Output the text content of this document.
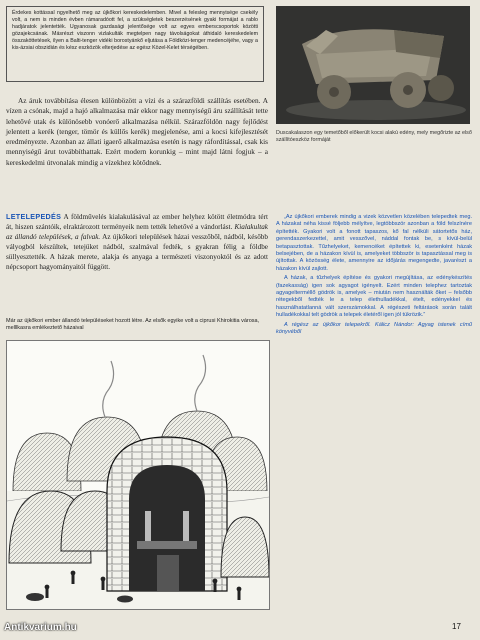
Érdekes kottással ngyelhető meg az újkőkori kereskedelemben. Mivel a felesleg mennyisége csekély volt, a nem is minden évben rámaradóott fel, a szükségletek beszerzésének gyaki formájat a rablo hadjáratok jelentették. Ugyanosak gazdasági jelentősége volt az egyes emberscsoportok közötti gözajekcsának. Másrészt viszonn vizlakulták megtelpen nagy távolságokat áthidaló kereskedelem összaköttetések, ilyen a Balti-tenger vidéki borostyánkő eljutása a Földközi-tenger medencéjéhe, vagy a kis-ázsiai obszidián és kész eszközök elterjedése az egész Közel-Kelet térségében.
Duscakalaszon egy temetőből előkerült kocsi alakú edény, mely megőrizte az első szállítóeszköz formáját

Az áruk továbbítása élesen különbözött a vízi és a szárazföldi szállítás esetében. A vízen a csónak, majd a hajó alkalmazása már ekkor nagy mennyiségű áru szállítását tette lehetővé utak és különösebb vonóerő alkalmazása nélkül. Szárazföldön nagy fejlődést jelentett a kerék (tenger, tömör és küllős kerék) megjelenése, ami a kocsi kifejlesztését eredményezte. Azonban az állati igaerő alkalmazása esetén is nagy ráfordítással, csak kis mennyiségű árut továbbíthattak. Ezért modern korunkig – mint majd látni fogjuk – a kereskedelmi útvonalak mindig a vízekhez kötődnek.

LETELEPEDÉS A földművelés kialakulásával az ember helyhez kötött életmódra tért át, hiszen szántóik, elraktározott terményeik nem tették lehetővé a vándorlást. Kialakultak az állandó települések, a falvak. Az újkőkori települések házai vesszőből, nádból, később vályogból készültek, tetejüket nádból, szalmával fedték, s gyakran félig a földbe süllyesztették. A házak merete, alakja és anyaga a természeti viszonyoktól és az adott népcsoport hagyományaitól függött.

Már az újkőkori ember állandó településeket hozott létre. Az elsők egyike volt a ciprusi Khirokitia városa, melllkasra emlékeztető házaival

„Az újkőkori emberek mindig a vizek közvetlen közelében telepedtek meg. A házakat néha kissé följebb mélyítve, legtöbbször azonban a föld felszínére építették. Gyakori volt a fonott tapaszos, kő fal nélküli sátortetős ház, gerendaszerkezettel, amit vesszővel, náddal fontak be, s kívül-belül betapasztottak. Tűzhelyeket, kemencéket építettek ki, esetenként házak belsejében, de a házakon kívül is, amelyeket többször is tapasztással meg is újítottak. A közösség élete, amennyire az időjárás megengedte, javarészt a házakon kívül zajlott.

A házak, a tűzhelyek építése és gyakori megújítása, az edénykészítés (fazekasság) igen sok agyagot igényelt. Ezért minden telephez tartoztak agyagelterméllő gödrök is, amelyek – miután nem használták őket – felsőbb rétegekből fedték le a telep élethulladékkal, ételt, edényekkel és használhatatlanná vált szerszámokkal. A régészeti feltárások során talált hulladékokkal telt gödrök a telepek életéről igen jól tükrözik.”

A régész az újkőkor telepekről. Kálicz Nándor: Agyag istenek című könyvéből

17
Antikvarium.hu
